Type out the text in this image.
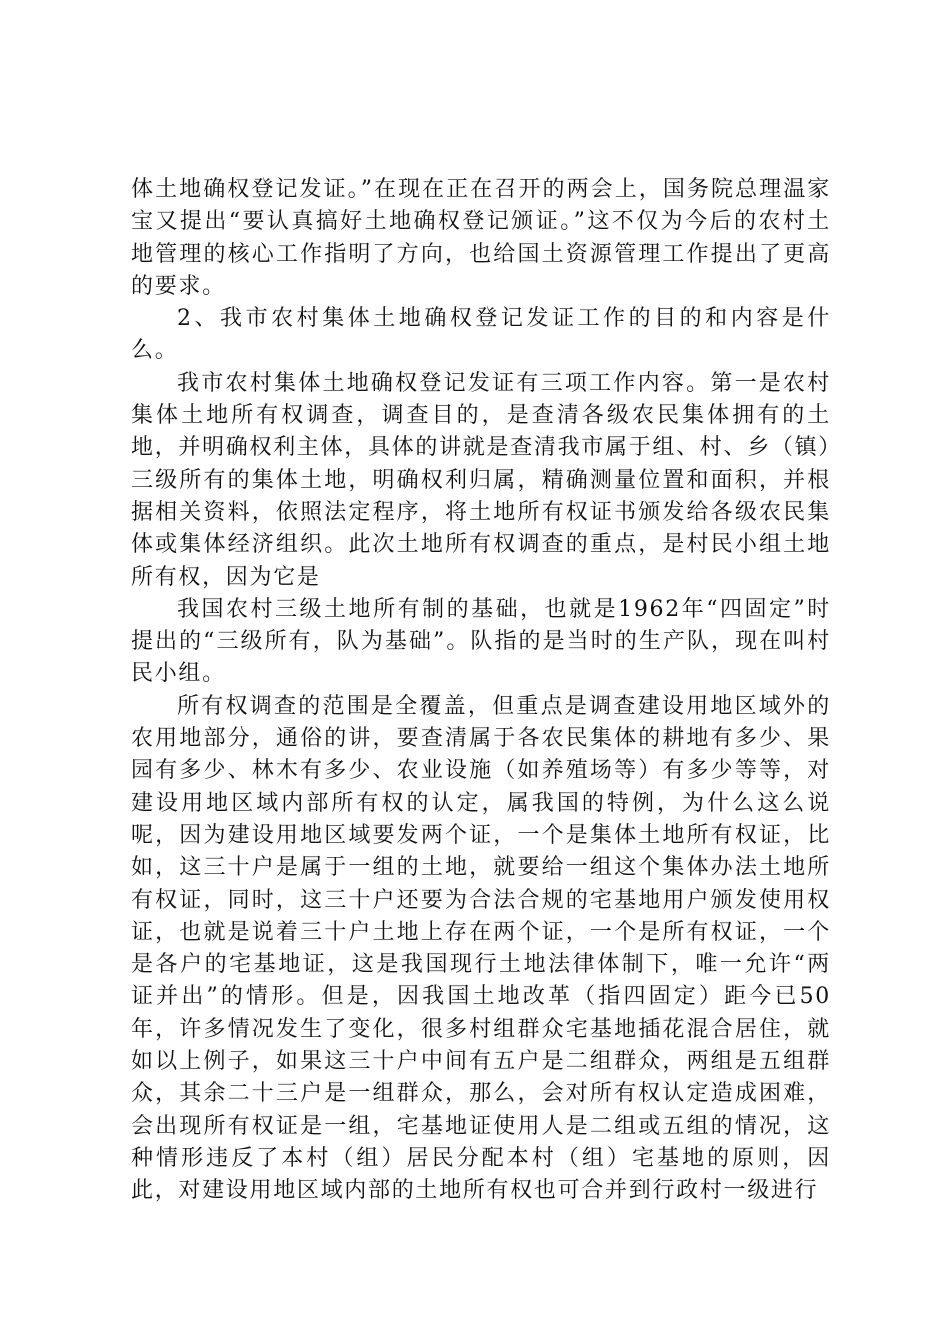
体土地确权登记发证。”在现在正在召开的两会上，国务院总理温家宝又提出“要认真搞好土地确权登记颁证。”这不仅为今后的农村土地管理的核心工作指明了方向，也给国土资源管理工作提出了更高的要求。

2、我市农村集体土地确权登记发证工作的目的和内容是什么。

我市农村集体土地确权登记发证有三项工作内容。第一是农村集体土地所有权调查，调查目的，是查清各级农民集体拥有的土地，并明确权利主体，具体的讲就是查清我市属于组、村、乡（镇）三级所有的集体土地，明确权利归属，精确测量位置和面积，并根据相关资料，依照法定程序，将土地所有权证书颁发给各级农民集体或集体经济组织。此次土地所有权调查的重点，是村民小组土地所有权，因为它是

我国农村三级土地所有制的基础，也就是1962年“四固定”时提出的“三级所有，队为基础”。队指的是当时的生产队，现在叫村民小组。

所有权调查的范围是全覆盖，但重点是调查建设用地区域外的农用地部分，通俗的讲，要查清属于各农民集体的耕地有多少、果园有多少、林木有多少、农业设施（如养殖场等）有多少等等，对建设用地区域内部所有权的认定，属我国的特例，为什么这么说呢，因为建设用地区域要发两个证，一个是集体土地所有权证，比如，这三十户是属于一组的土地，就要给一组这个集体办法土地所有权证，同时，这三十户还要为合法合规的宅基地用户颁发使用权证，也就是说着三十户土地上存在两个证，一个是所有权证，一个是各户的宅基地证，这是我国现行土地法律体制下，唯一允许“两证并出”的情形。但是，因我国土地改革（指四固定）距今已50年，许多情况发生了变化，很多村组群众宅基地插花混合居住，就如以上例子，如果这三十户中间有五户是二组群众，两组是五组群众，其余二十三户是一组群众，那么，会对所有权认定造成困难，会出现所有权证是一组，宅基地证使用人是二组或五组的情况，这种情形违反了本村（组）居民分配本村（组）宅基地的原则，因此，对建设用地区域内部的土地所有权也可合并到行政村一级进行
